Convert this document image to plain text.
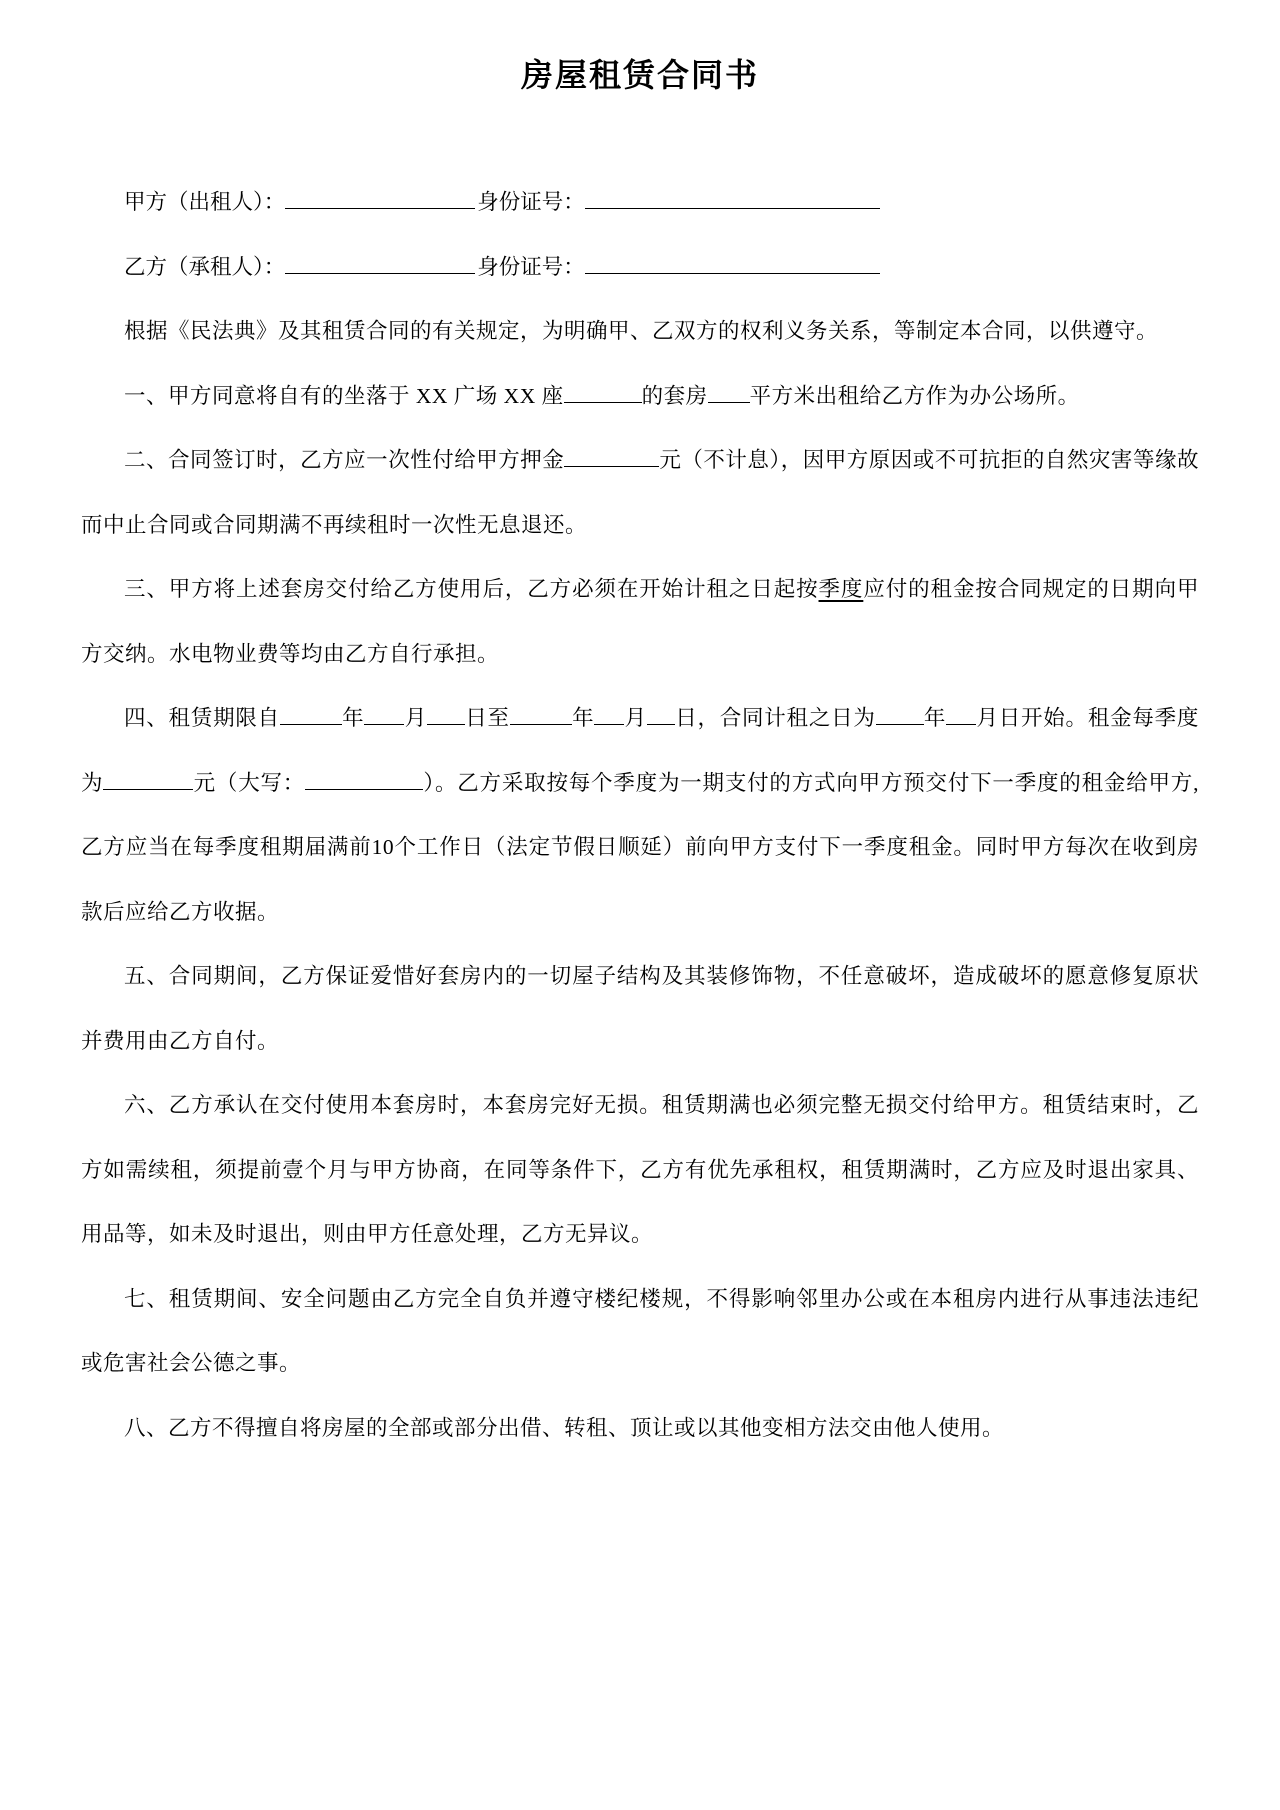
房屋租赁合同书
甲方（出租人）：	身份证号：
乙方（承租人）：	身份证号：

根据《民法典》及其租赁合同的有关规定，为明确甲、乙双方的权利义务关系，等制定本合同，以供遵守。

一、甲方同意将自有的坐落于 XX 广场 XX 座	的套房 平方米出租给乙方作为办公场所。

二、合同签订时，乙方应一次性付给甲方押金	元（不计息），因甲方原因或不可抗拒的自然灾害等缘故而中止合同或合同期满不再续租时一次性无息退还。

三、甲方将上述套房交付给乙方使用后，乙方必须在开始计租之日起按季度应付的租金按合同规定的日期向甲方交纳。水电物业费等均由乙方自行承担。

四、租赁期限自	年 月 日至	年 月 日，合同计租之日为 年 月日开始。租金每季度为	元（大写：	）。乙方采取按每个季度为一期支付的方式向甲方预交付下一季度的租金给甲方,乙方应当在每季度租期届满前10个工作日（法定节假日顺延）前向甲方支付下一季度租金。同时甲方每次在收到房款后应给乙方收据。

五、合同期间，乙方保证爱惜好套房内的一切屋子结构及其装修饰物，不任意破坏，造成破坏的愿意修复原状并费用由乙方自付。

六、乙方承认在交付使用本套房时，本套房完好无损。租赁期满也必须完整无损交付给甲方。租赁结束时，乙方如需续租，须提前壹个月与甲方协商，在同等条件下，乙方有优先承租权，租赁期满时，乙方应及时退出家具、用品等，如未及时退出，则由甲方任意处理，乙方无异议。

七、租赁期间、安全问题由乙方完全自负并遵守楼纪楼规，不得影响邻里办公或在本租房内进行从事违法违纪或危害社会公德之事。

八、乙方不得擅自将房屋的全部或部分出借、转租、顶让或以其他变相方法交由他人使用。
